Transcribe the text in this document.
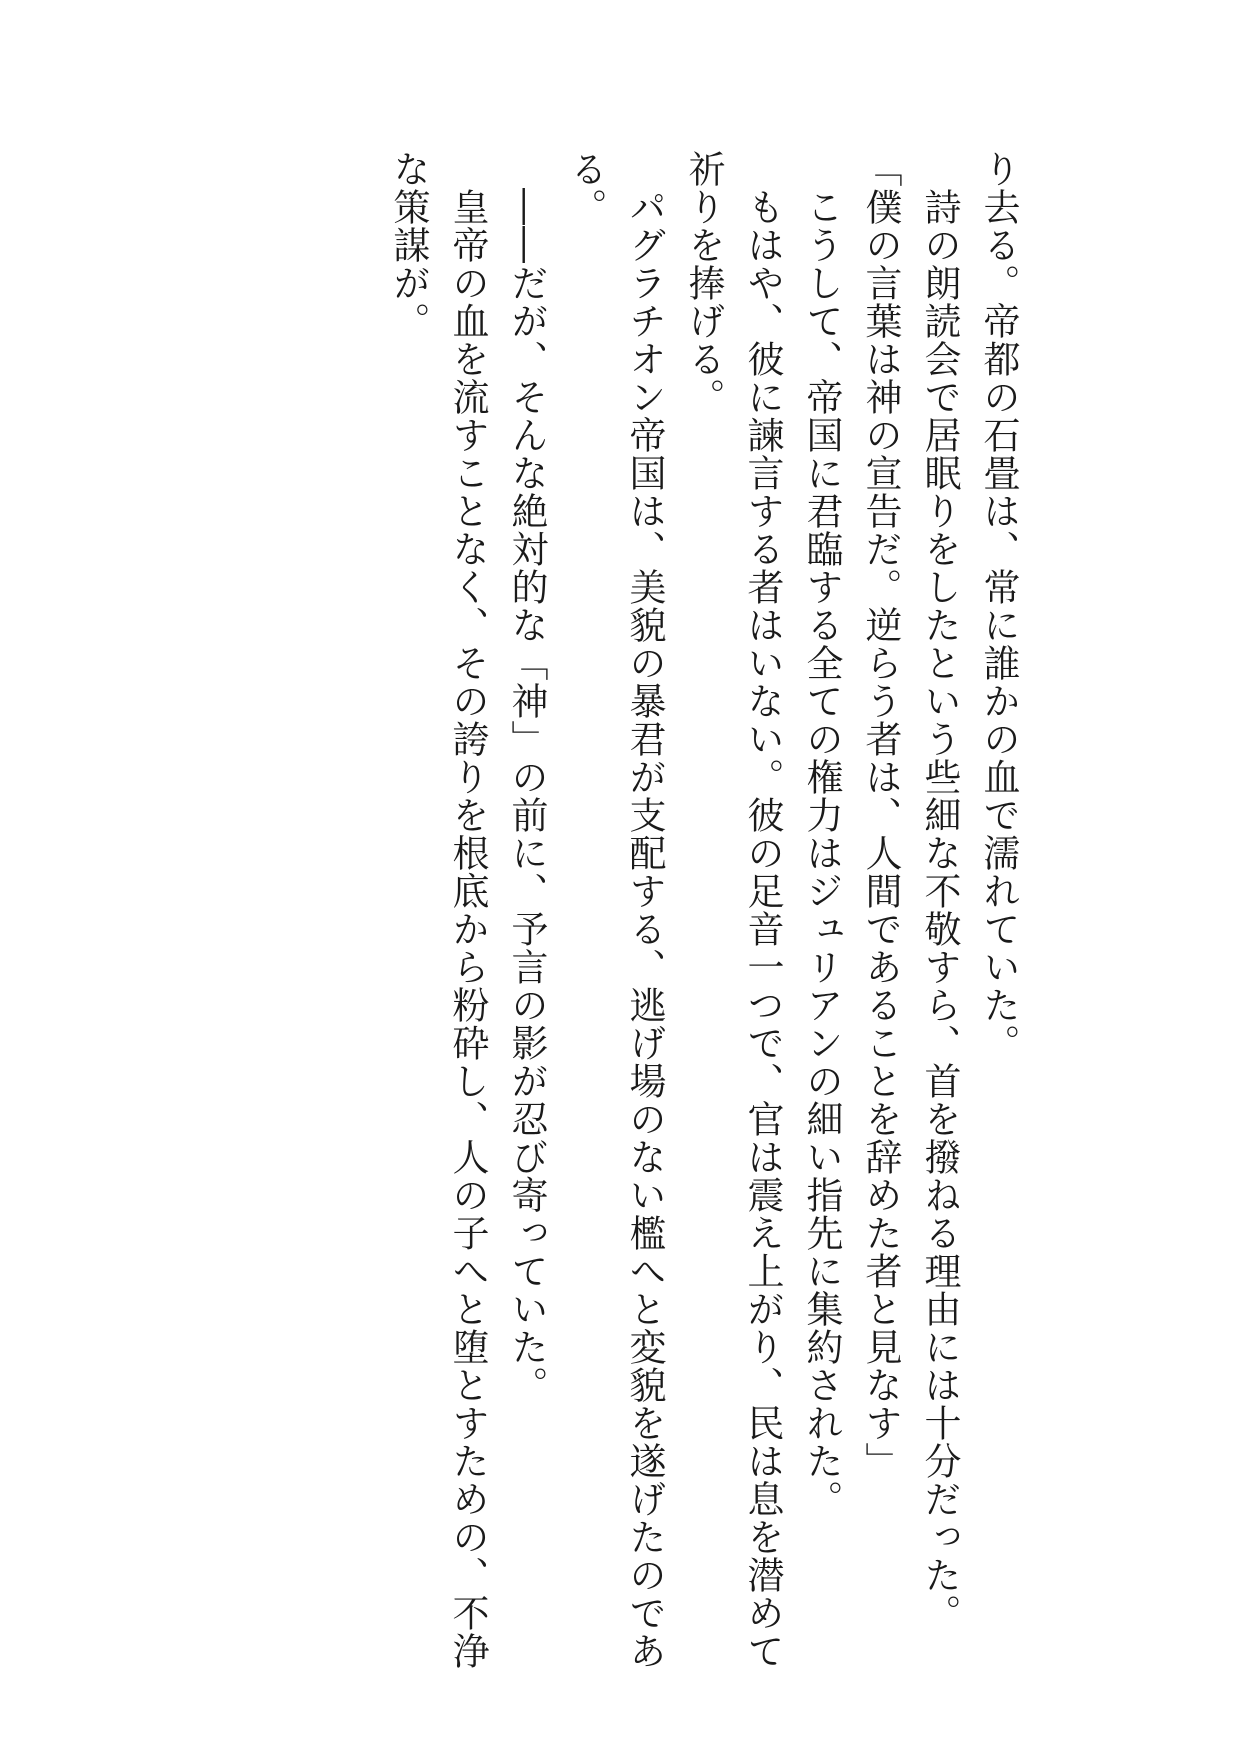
り去る。帝都の石畳は、常に誰かの血で濡れていた。
　詩の朗読会で居眠りをしたという些細な不敬すら、首を撥ねる理由には十分だった。
「僕の言葉は神の宣告だ。逆らう者は、人間であることを辞めた者と見なす」
　こうして、帝国に君臨する全ての権力はジュリアンの細い指先に集約された。
　もはや、彼に諫言する者はいない。彼の足音一つで、官は震え上がり、民は息を潜めて
祈りを捧げる。
　パグラチオン帝国は、美貌の暴君が支配する、逃げ場のない檻へと変貌を遂げたのであ
る。
　――だが、そんな絶対的な「神」の前に、予言の影が忍び寄っていた。
　皇帝の血を流すことなく、その誇りを根底から粉砕し、人の子へと堕とすための、不浄
な策謀が。
